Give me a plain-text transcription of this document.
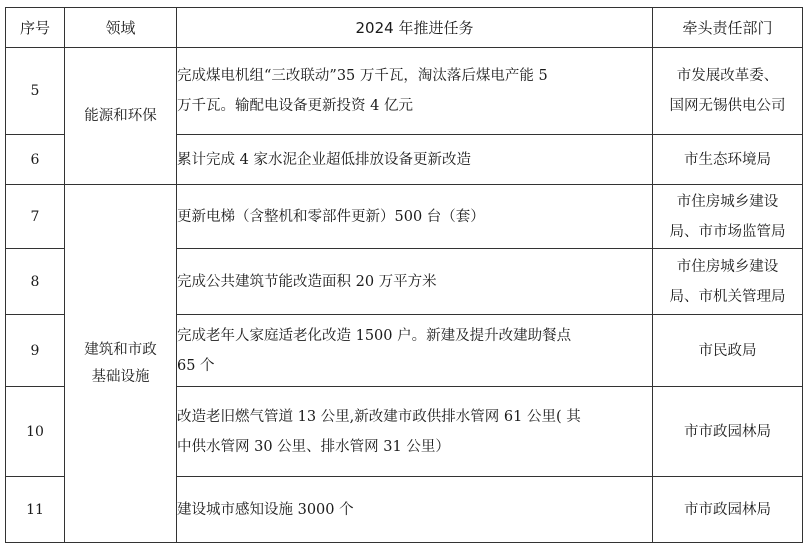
序号	领域	2024 年推进任务	牵头责任部门
5	能源和环保	完成煤电机组“三改联动”35 万千瓦，淘汰落后煤电产能 5
万千瓦。输配电设备更新投资 4 亿元	市发展改革委、
国网无锡供电公司

6		累计完成 4 家水泥企业超低排放设备更新改造	市生态环境局

7	建筑和市政
基础设施	更新电梯（含整机和零部件更新）500 台（套）	市住房城乡建设
局、市市场监管局

8		完成公共建筑节能改造面积 20 万平方米	市住房城乡建设
局、市机关管理局

9		完成老年人家庭适老化改造 1500 户。新建及提升改建助餐点
65 个	市民政局

10		改造老旧燃气管道 13 公里,新改建市政供排水管网 61 公里( 其
中供水管网 30 公里、排水管网 31 公里）	市市政园林局

11		建设城市感知设施 3000 个	市市政园林局
